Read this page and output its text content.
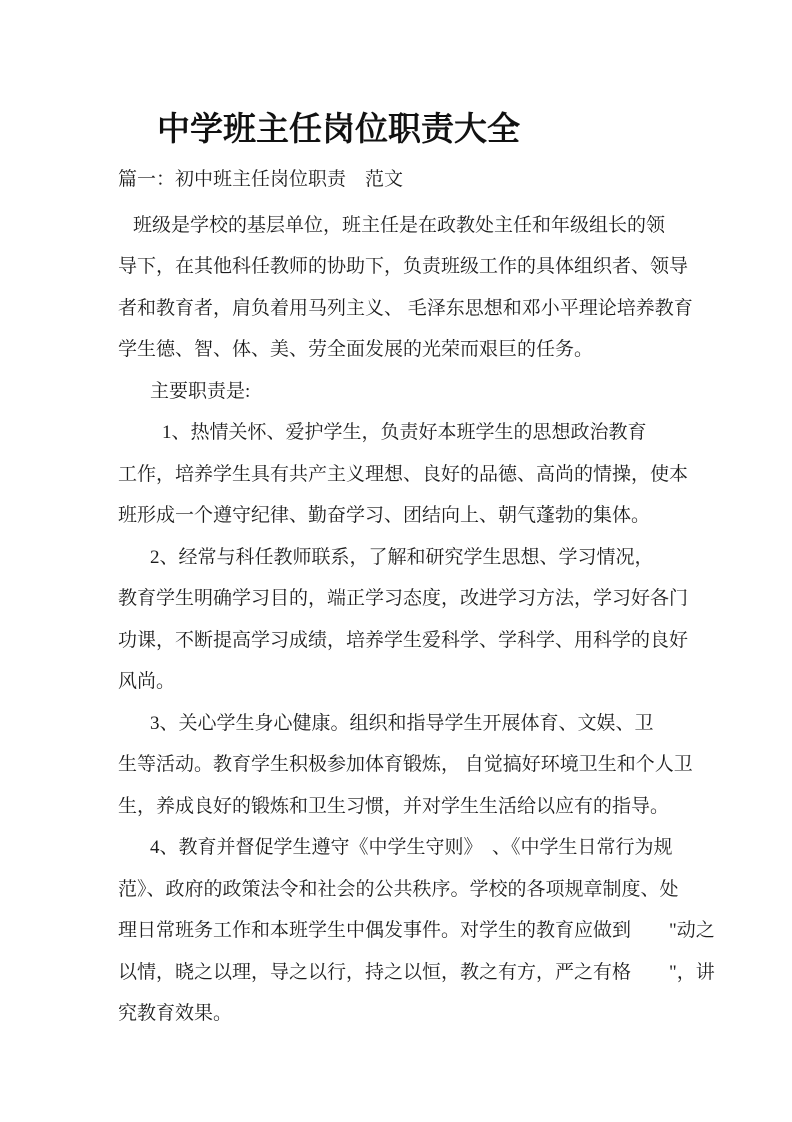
中学班主任岗位职责大全
篇一：初中班主任岗位职责　范文
班级是学校的基层单位，班主任是在政教处主任和年级组长的领
导下，在其他科任教师的协助下，负责班级工作的具体组织者、领导
者和教育者，肩负着用马列主义、 毛泽东思想和邓小平理论培养教育
学生德、智、体、美、劳全面发展的光荣而艰巨的任务。
主要职责是:
1、热情关怀、爱护学生，负责好本班学生的思想政治教育
工作，培养学生具有共产主义理想、良好的品德、高尚的情操，使本
班形成一个遵守纪律、勤奋学习、团结向上、朝气蓬勃的集体。
2、经常与科任教师联系，了解和研究学生思想、学习情况，
教育学生明确学习目的，端正学习态度，改进学习方法，学习好各门
功课，不断提高学习成绩，培养学生爱科学、学科学、用科学的良好
风尚。
3、关心学生身心健康。组织和指导学生开展体育、文娱、卫
生等活动。教育学生积极参加体育锻炼， 自觉搞好环境卫生和个人卫
生，养成良好的锻炼和卫生习惯，并对学生生活给以应有的指导。
4、教育并督促学生遵守《中学生守则》　、《中学生日常行为规
范》、政府的政策法令和社会的公共秩序。学校的各项规章制度、处
理日常班务工作和本班学生中偶发事件。对学生的教育应做到　　"动之
以情，晓之以理，导之以行，持之以恒，教之有方，严之有格　　"，讲
究教育效果。
